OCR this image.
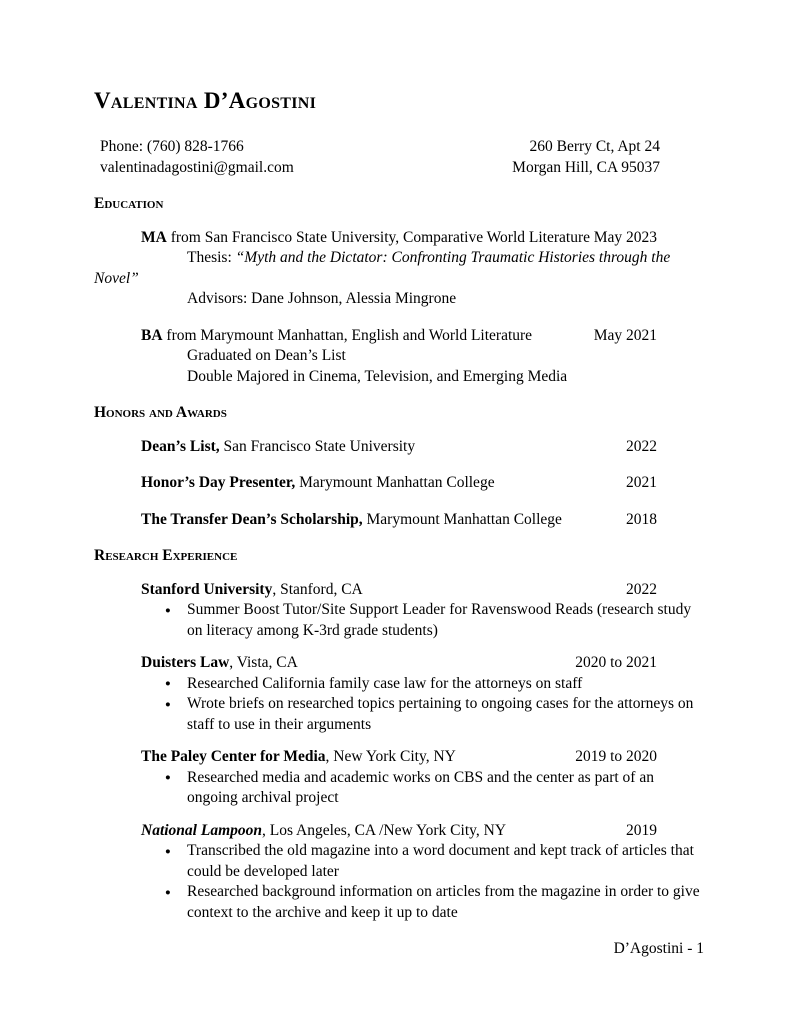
Valentina D’Agostini
Phone: (760) 828-1766
valentinadagostini@gmail.com
260 Berry Ct, Apt 24
Morgan Hill, CA 95037
Education
MA from San Francisco State University, Comparative World Literature May 2023
Thesis: “Myth and the Dictator: Confronting Traumatic Histories through the
Novel”
Advisors: Dane Johnson, Alessia Mingrone
BA from Marymount Manhattan, English and World Literature	May 2021
Graduated on Dean’s List
Double Majored in Cinema, Television, and Emerging Media
Honors and Awards
Dean’s List, San Francisco State University	2022
Honor’s Day Presenter, Marymount Manhattan College	2021
The Transfer Dean’s Scholarship, Marymount Manhattan College	2018
Research Experience
Stanford University, Stanford, CA	2022
● Summer Boost Tutor/Site Support Leader for Ravenswood Reads (research study on literacy among K-3rd grade students)
Duisters Law, Vista, CA	2020 to 2021
● Researched California family case law for the attorneys on staff
● Wrote briefs on researched topics pertaining to ongoing cases for the attorneys on staff to use in their arguments
The Paley Center for Media, New York City, NY	2019 to 2020
● Researched media and academic works on CBS and the center as part of an ongoing archival project
National Lampoon, Los Angeles, CA /New York City, NY	2019
● Transcribed the old magazine into a word document and kept track of articles that could be developed later
● Researched background information on articles from the magazine in order to give context to the archive and keep it up to date
D’Agostini - 1
